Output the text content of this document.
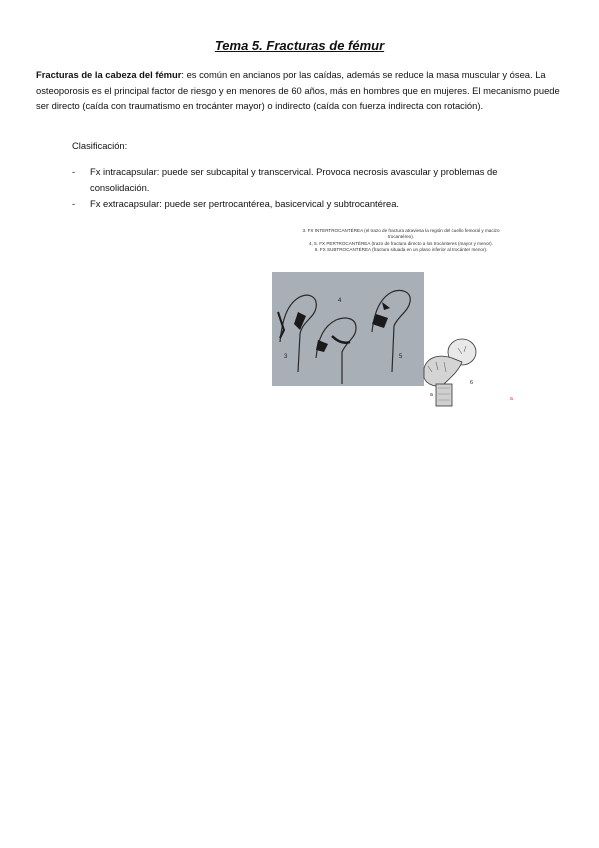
Tema 5. Fracturas de fémur

Fracturas de la cabeza del fémur: es común en ancianos por las caídas, además se reduce la masa muscular y ósea. La osteoporosis es el principal factor de riesgo y en menores de 60 años, más en hombres que en mujeres. El mecanismo puede ser directo (caída con traumatismo en trocánter mayor) o indirecto (caída con fuerza indirecta con rotación).

Clasificación:

- Fx intracapsular: puede ser subcapital y transcervical. Provoca necrosis avascular y problemas de consolidación.
- Fx extracapsular: puede ser pertrocantérea, basicervical y subtrocantérea.
3. FX INTERTROCANTÉREA (el trazo de fractura atraviesa la región del cuello femoral y macizo
trocantéreo).
4, 5. FX PERTROCANTÉREA (trazo de fractura directo a los trocánteres (mayor y menor).
6. FX SUBTROCANTÉREA (fractura situada en un plano inferior al trocánter menor).
3
4
5
6
a
a
